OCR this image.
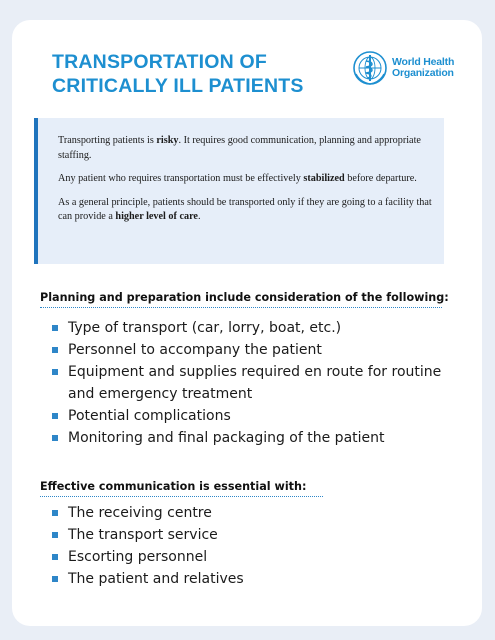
TRANSPORTATION OF
CRITICALLY ILL PATIENTS
World Health
Organization

Transporting patients is risky. It requires good communication, planning and appropriate staffing.

Any patient who requires transportation must be effectively stabilized before departure.

As a general principle, patients should be transported only if they are going to a facility that can provide a higher level of care.

Planning and preparation include consideration of the following:
Type of transport (car, lorry, boat, etc.)
Personnel to accompany the patient
Equipment and supplies required en route for routine and emergency treatment
Potential complications
Monitoring and final packaging of the patient
Effective communication is essential with:
The receiving centre
The transport service
Escorting personnel
The patient and relatives
